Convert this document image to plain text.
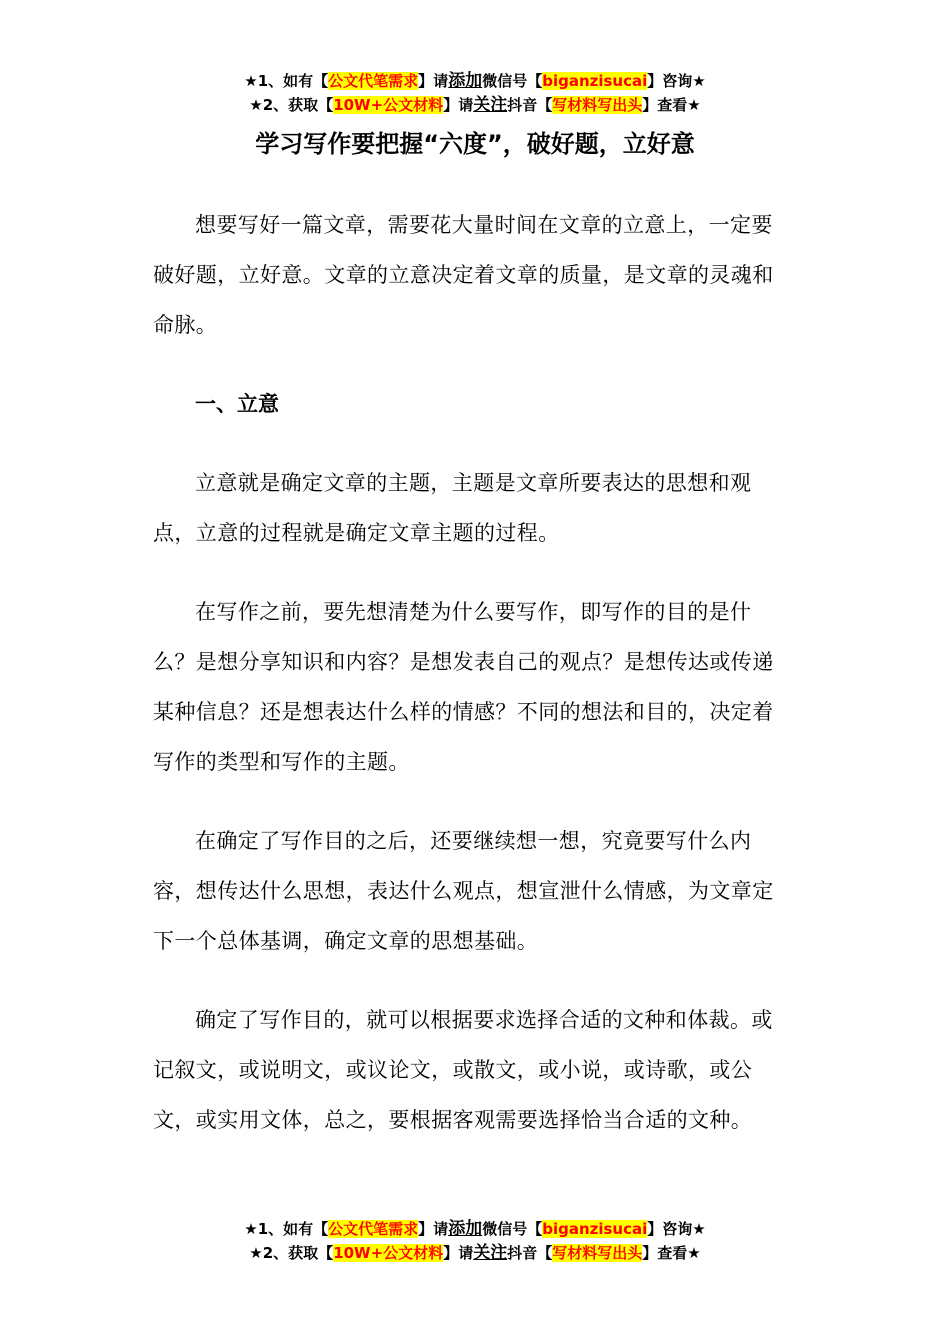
★1、如有【公文代笔需求】请添加微信号【biganzisucai】咨询★
★2、获取【10W+公文材料】请关注抖音【写材料写出头】查看★
学习写作要把握“六度”，破好题，立好意

想要写好一篇文章，需要花大量时间在文章的立意上，一定要破好题，立好意。文章的立意决定着文章的质量，是文章的灵魂和命脉。

一、立意

立意就是确定文章的主题，主题是文章所要表达的思想和观点，立意的过程就是确定文章主题的过程。

在写作之前，要先想清楚为什么要写作，即写作的目的是什么？是想分享知识和内容？是想发表自己的观点？是想传达或传递某种信息？还是想表达什么样的情感？不同的想法和目的，决定着写作的类型和写作的主题。

在确定了写作目的之后，还要继续想一想，究竟要写什么内容，想传达什么思想，表达什么观点，想宣泄什么情感，为文章定下一个总体基调，确定文章的思想基础。

确定了写作目的，就可以根据要求选择合适的文种和体裁。或记叙文，或说明文，或议论文，或散文，或小说，或诗歌，或公文，或实用文体，总之，要根据客观需要选择恰当合适的文种。

★1、如有【公文代笔需求】请添加微信号【biganzisucai】咨询★
★2、获取【10W+公文材料】请关注抖音【写材料写出头】查看★
